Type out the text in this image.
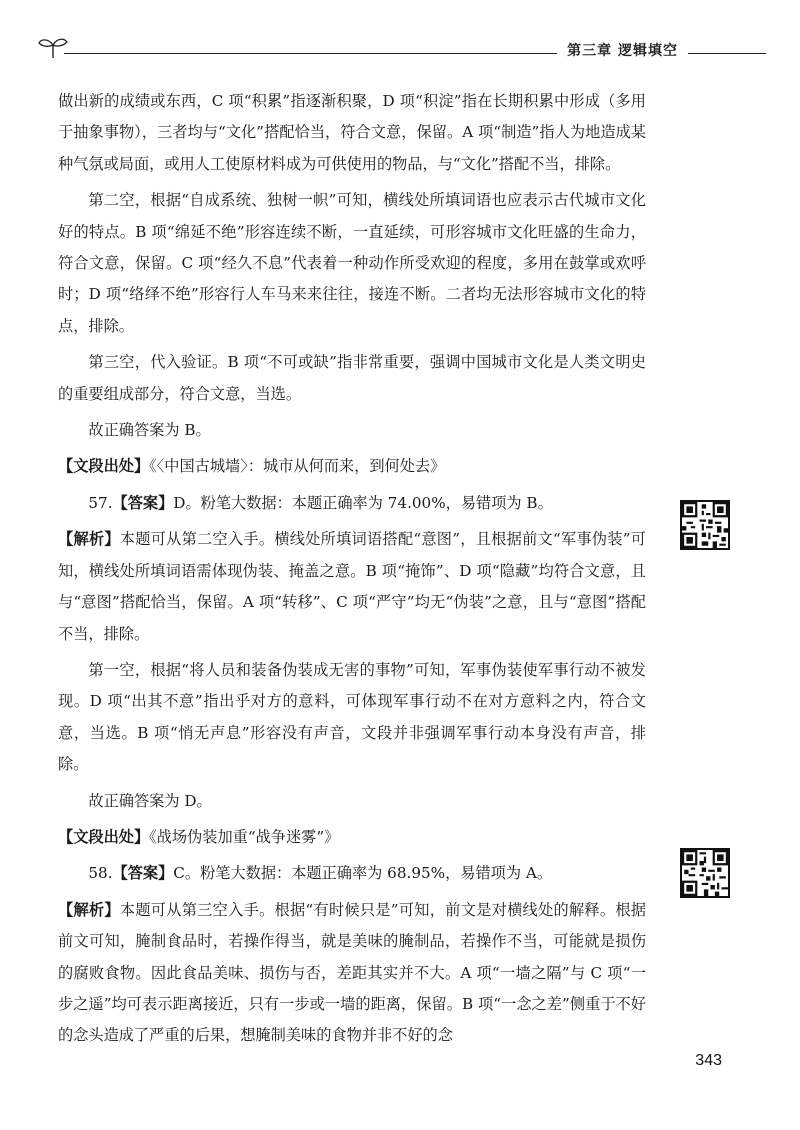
第三章 逻辑填空

做出新的成绩或东西，C 项“积累”指逐渐积聚，D 项“积淀”指在长期积累中形成（多用于抽象事物），三者均与“文化”搭配恰当，符合文意，保留。A 项“制造”指人为地造成某种气氛或局面，或用人工使原材料成为可供使用的物品，与“文化”搭配不当，排除。

第二空，根据“自成系统、独树一帜”可知，横线处所填词语也应表示古代城市文化好的特点。B 项“绵延不绝”形容连续不断，一直延续，可形容城市文化旺盛的生命力，符合文意，保留。C 项“经久不息”代表着一种动作所受欢迎的程度，多用在鼓掌或欢呼时；D 项“络绎不绝”形容行人车马来来往往，接连不断。二者均无法形容城市文化的特点，排除。

第三空，代入验证。B 项“不可或缺”指非常重要，强调中国城市文化是人类文明史的重要组成部分，符合文意，当选。

故正确答案为 B。

【文段出处】《〈中国古城墙〉：城市从何而来，到何处去》

57.【答案】D。粉笔大数据：本题正确率为 74.00%，易错项为 B。

【解析】本题可从第二空入手。横线处所填词语搭配“意图”，且根据前文“军事伪装”可知，横线处所填词语需体现伪装、掩盖之意。B 项“掩饰”、D 项“隐藏”均符合文意，且与“意图”搭配恰当，保留。A 项“转移”、C 项“严守”均无“伪装”之意，且与“意图”搭配不当，排除。

第一空，根据“将人员和装备伪装成无害的事物”可知，军事伪装使军事行动不被发现。D 项“出其不意”指出乎对方的意料，可体现军事行动不在对方意料之内，符合文意，当选。B 项“悄无声息”形容没有声音，文段并非强调军事行动本身没有声音，排除。

故正确答案为 D。

【文段出处】《战场伪装加重“战争迷雾”》

58.【答案】C。粉笔大数据：本题正确率为 68.95%，易错项为 A。

【解析】本题可从第三空入手。根据“有时候只是”可知，前文是对横线处的解释。根据前文可知，腌制食品时，若操作得当，就是美味的腌制品，若操作不当，可能就是损伤的腐败食物。因此食品美味、损伤与否，差距其实并不大。A 项“一墙之隔”与 C 项“一步之遥”均可表示距离接近，只有一步或一墙的距离，保留。B 项“一念之差”侧重于不好的念头造成了严重的后果，想腌制美味的食物并非不好的念

343
